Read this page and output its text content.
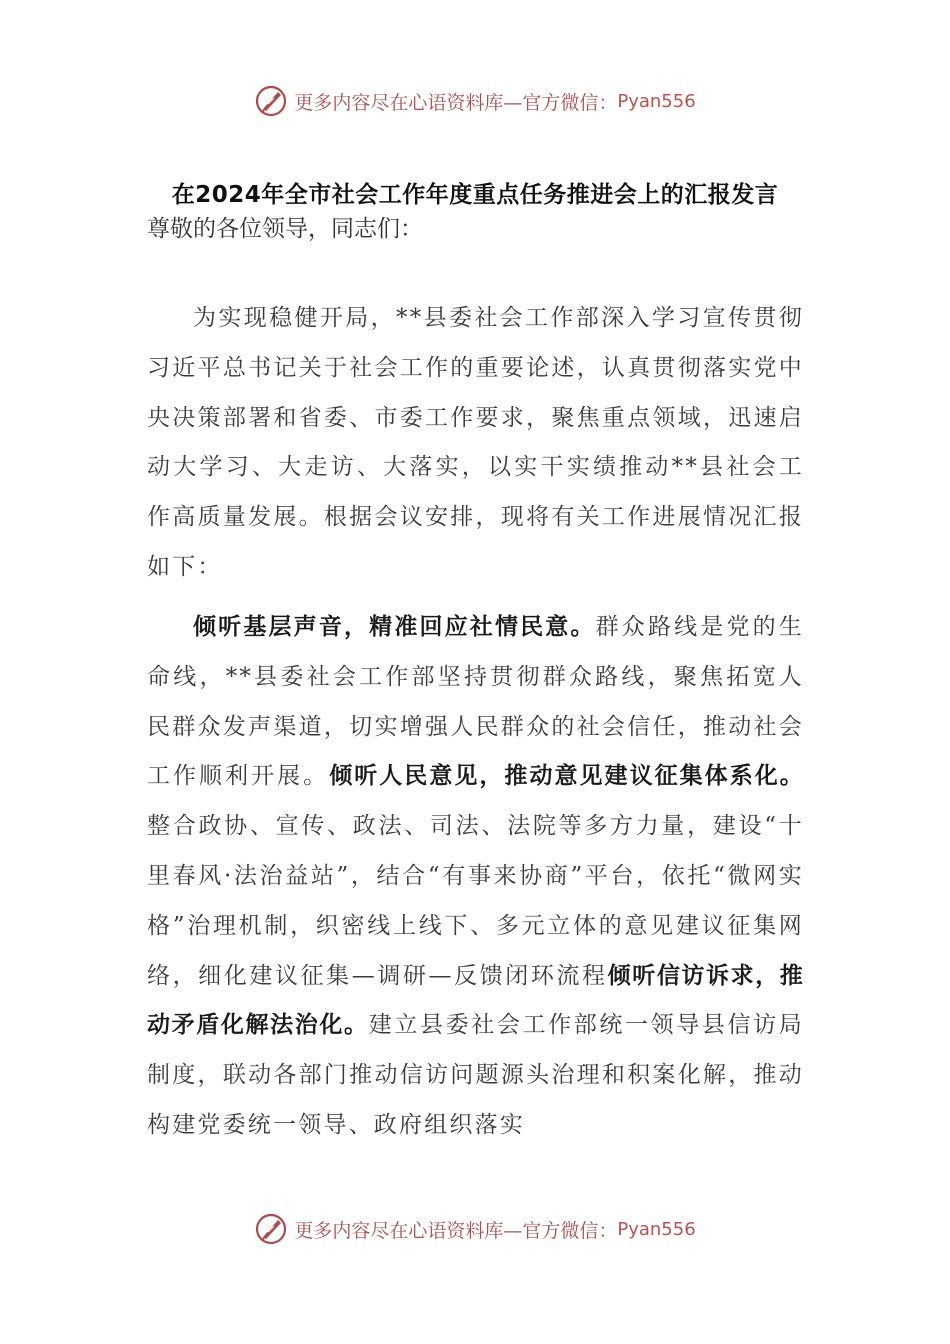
更多内容尽在心语资料库—官方微信： Pyan556
在2024年全市社会工作年度重点任务推进会上的汇报发言
尊敬的各位领导，同志们：

为实现稳健开局，**县委社会工作部深入学习宣传贯彻习近平总书记关于社会工作的重要论述，认真贯彻落实党中央决策部署和省委、市委工作要求，聚焦重点领域，迅速启动大学习、大走访、大落实，以实干实绩推动**县社会工作高质量发展。根据会议安排，现将有关工作进展情况汇报如下：

倾听基层声音，精准回应社情民意。群众路线是党的生命线，**县委社会工作部坚持贯彻群众路线，聚焦拓宽人民群众发声渠道，切实增强人民群众的社会信任，推动社会工作顺利开展。倾听人民意见，推动意见建议征集体系化。整合政协、宣传、政法、司法、法院等多方力量，建设“十里春风·法治益站”，结合“有事来协商”平台，依托“微网实格”治理机制，织密线上线下、多元立体的意见建议征集网络，细化建议征集—调研—反馈闭环流程倾听信访诉求，推动矛盾化解法治化。建立县委社会工作部统一领导县信访局制度，联动各部门推动信访问题源头治理和积案化解，推动构建党委统一领导、政府组织落实

更多内容尽在心语资料库—官方微信： Pyan556
